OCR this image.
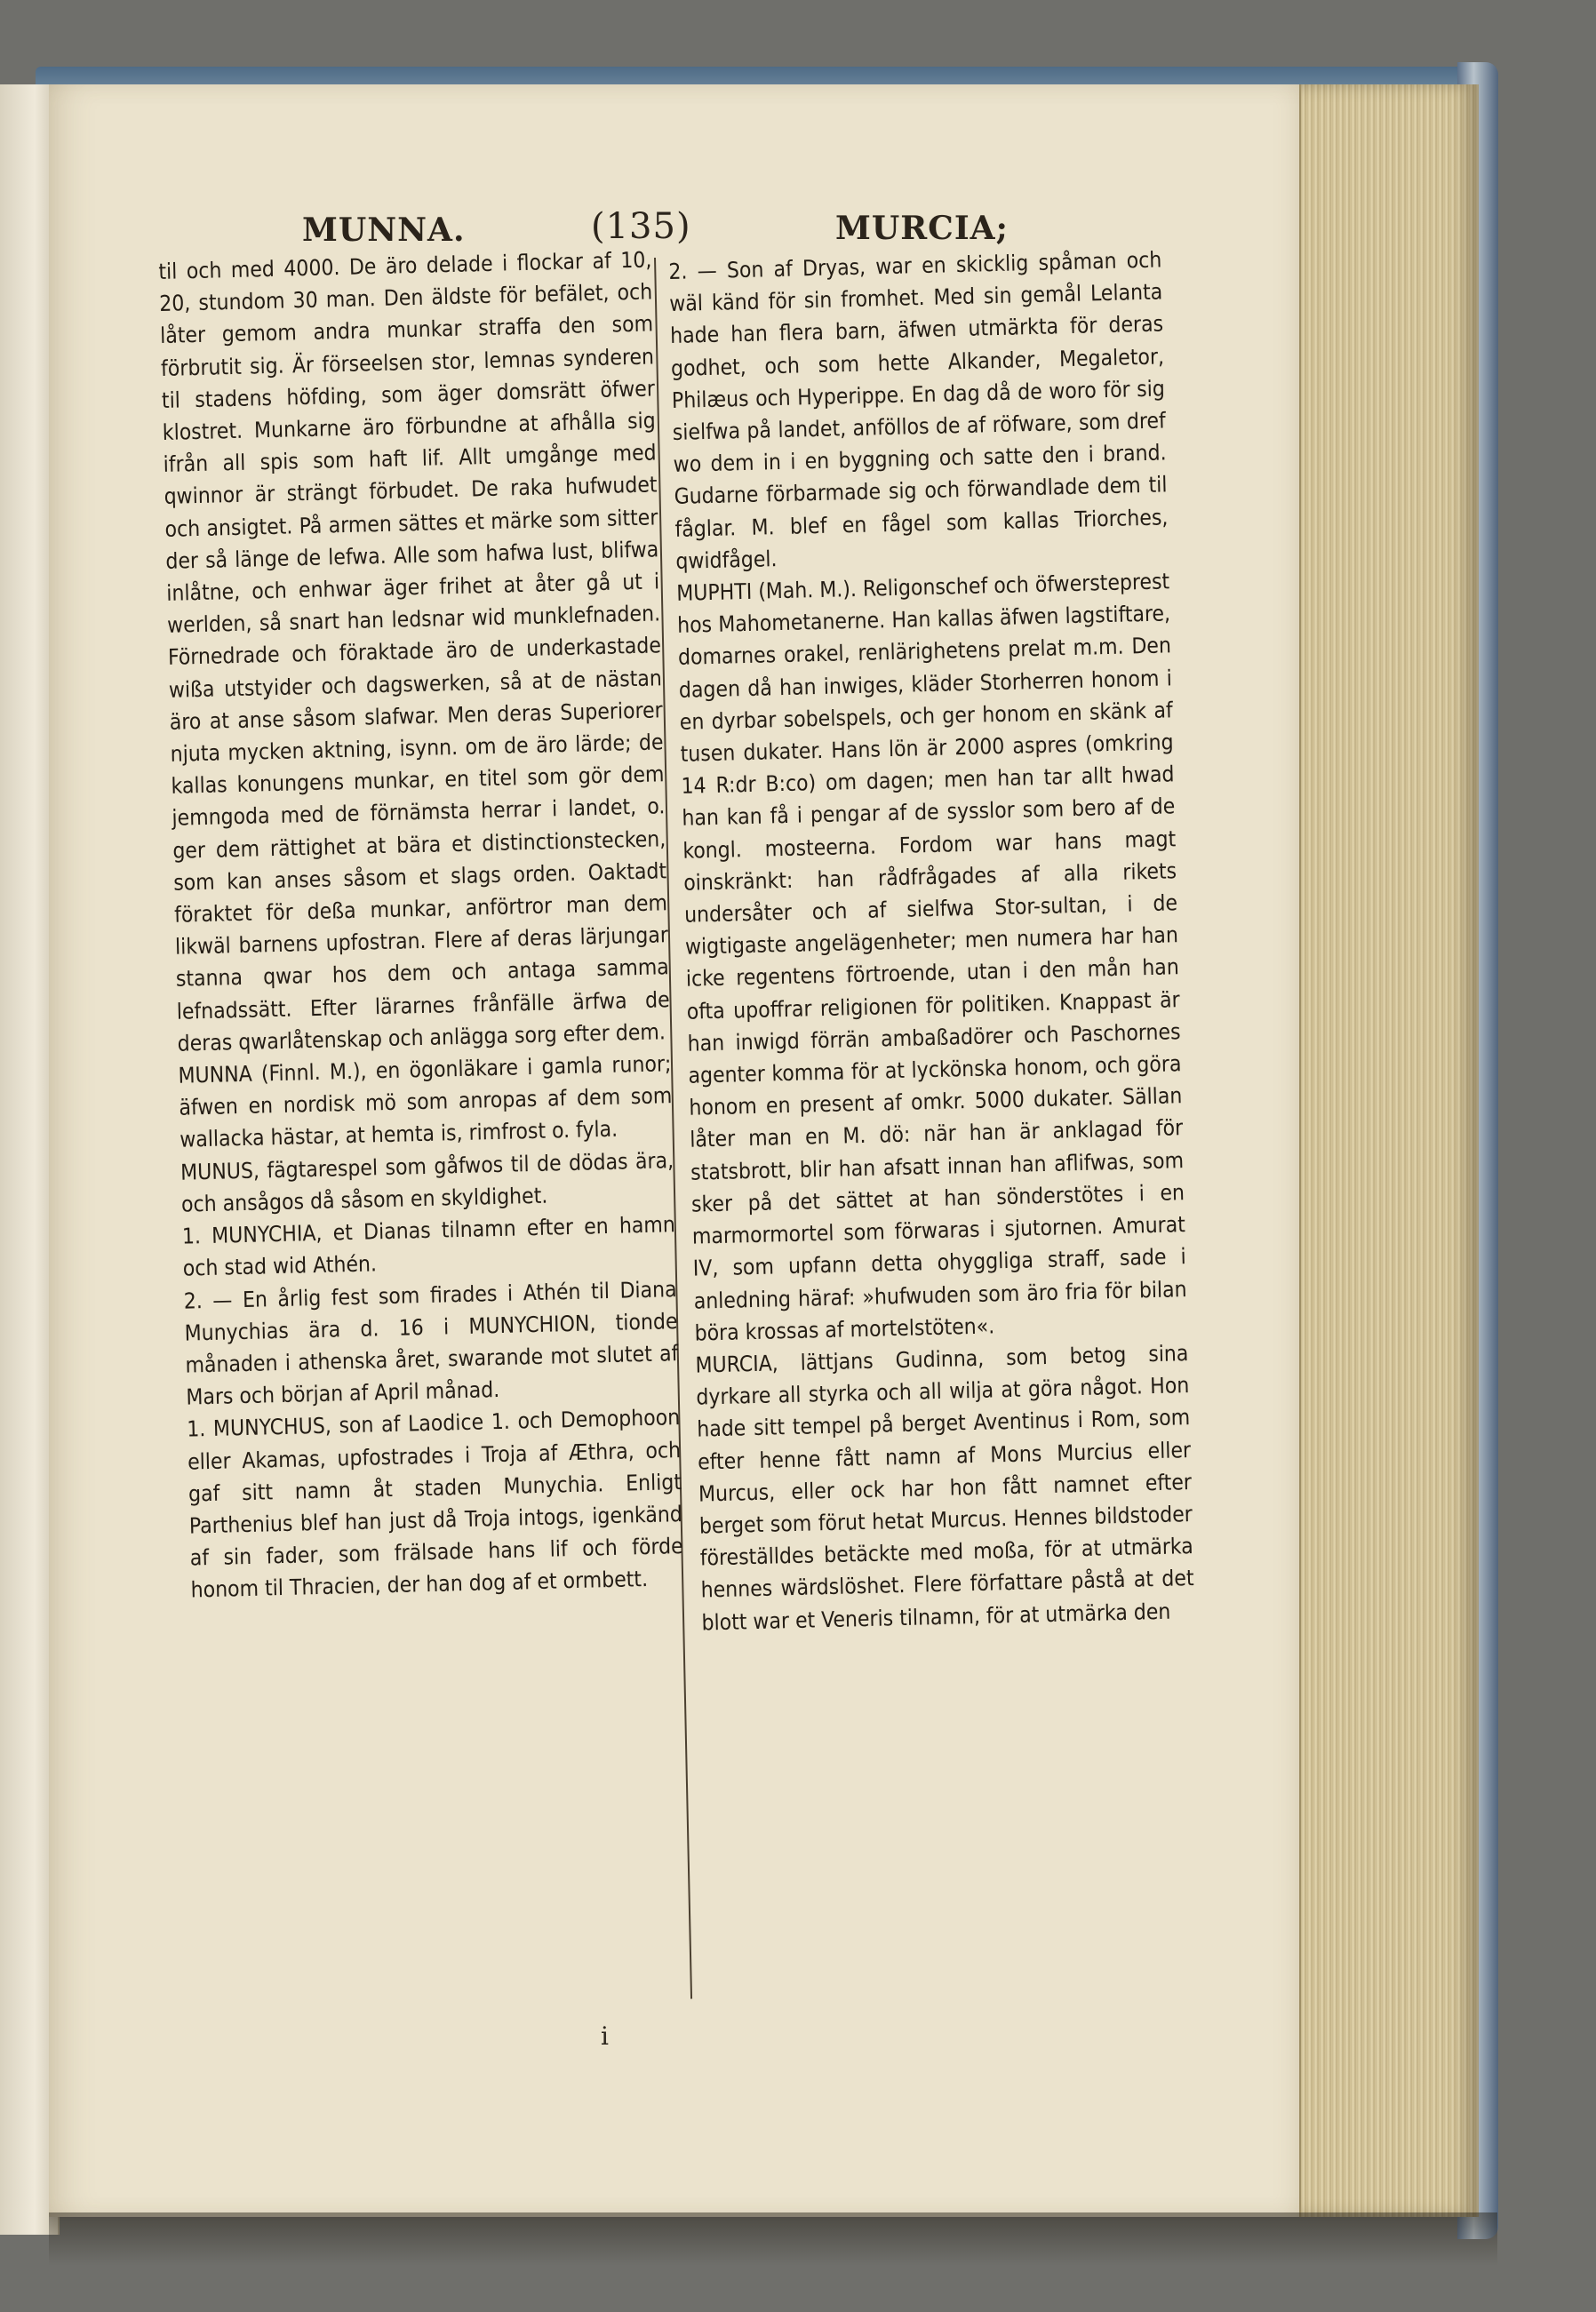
MUNNA.	(135)	MURCIA;

til och med 4000. De äro delade i flockar af 10, 20, stundom 30 man. Den äldste för befälet, och låter gemom andra munkar straffa den som förbrutit sig. Är förseelsen stor, lemnas synderen til stadens höfding, som äger domsrätt öfwer klostret. Munkarne äro förbundne at afhålla sig ifrån all spis som haft lif. Allt umgånge med qwinnor är strängt förbudet. De raka hufwudet och ansigtet. På armen sättes et märke som sitter der så länge de lefwa. Alle som hafwa lust, blifwa inlåtne, och enhwar äger frihet at åter gå ut i werlden, så snart han ledsnar wid munklefnaden. Förnedrade och föraktade äro de underkastade wißa utstyider och dagswerken, så at de nästan äro at anse såsom slafwar. Men deras Superiorer njuta mycken aktning, isynn. om de äro lärde; de kallas konungens munkar, en titel som gör dem jemngoda med de förnämsta herrar i landet, o. ger dem rättighet at bära et distinctionstecken, som kan anses såsom et slags orden. Oaktadt föraktet för deßa munkar, anförtror man dem likwäl barnens upfostran. Flere af deras lärjungar stanna qwar hos dem och antaga samma lefnadssätt. Efter lärarnes frånfälle ärfwa de deras qwarlåtenskap och anlägga sorg efter dem.

MUNNA (Finnl. M.), en ögonläkare i gamla runor; äfwen en nordisk mö som anropas af dem som wallacka hästar, at hemta is, rimfrost o. fyla.

MUNUS, fägtarespel som gåfwos til de dödas ära, och ansågos då såsom en skyldighet.

1. MUNYCHIA, et Dianas tilnamn efter en hamn och stad wid Athén.

2. — En årlig fest som firades i Athén til Diana Munychias ära d. 16 i MUNYCHION, tionde månaden i athenska året, swarande mot slutet af Mars och början af April månad.

1. MUNYCHUS, son af Laodice 1. och Demophoon eller Akamas, upfostrades i Troja af Æthra, och gaf sitt namn åt staden Munychia. Enligt Parthenius blef han just då Troja intogs, igenkänd af sin fader, som frälsade hans lif och förde honom til Thracien, der han dog af et ormbett.

2. — Son af Dryas, war en skicklig spåman och wäl känd för sin fromhet. Med sin gemål Lelanta hade han flera barn, äfwen utmärkta för deras godhet, och som hette Alkander, Megaletor, Philæus och Hyperippe. En dag då de woro för sig sielfwa på landet, anföllos de af röfware, som dref wo dem in i en byggning och satte den i brand. Gudarne förbarmade sig och förwandlade dem til fåglar. M. blef en fågel som kallas Triorches, qwidfågel.

MUPHTI (Mah. M.). Religonschef och öfwersteprest hos Mahometanerne. Han kallas äfwen lagstiftare, domarnes orakel, renlärighetens prelat m.m. Den dagen då han inwiges, kläder Storherren honom i en dyrbar sobelspels, och ger honom en skänk af tusen dukater. Hans lön är 2000 aspres (omkring 14 R:dr B:co) om dagen; men han tar allt hwad han kan få i pengar af de sysslor som bero af de kongl. mosteerna. Fordom war hans magt oinskränkt: han rådfrågades af alla rikets undersåter och af sielfwa Stor-sultan, i de wigtigaste angelägenheter; men numera har han icke regentens förtroende, utan i den mån han ofta upoffrar religionen för politiken. Knappast är han inwigd förrän ambaßadörer och Paschornes agenter komma för at lyckönska honom, och göra honom en present af omkr. 5000 dukater. Sällan låter man en M. dö: när han är anklagad för statsbrott, blir han afsatt innan han aflifwas, som sker på det sättet at han sönderstötes i en marmormortel som förwaras i sjutornen. Amurat IV, som upfann detta ohyggliga straff, sade i anledning häraf: »hufwuden som äro fria för bilan böra krossas af mortelstöten«.

MURCIA, lättjans Gudinna, som betog sina dyrkare all styrka och all wilja at göra något. Hon hade sitt tempel på berget Aventinus i Rom, som efter henne fått namn af Mons Murcius eller Murcus, eller ock har hon fått namnet efter berget som förut hetat Murcus. Hennes bildstoder föreställdes betäckte med moßa, för at utmärka hennes wärdslöshet. Flere författare påstå at det blott war et Veneris tilnamn, för at utmärka den

i
